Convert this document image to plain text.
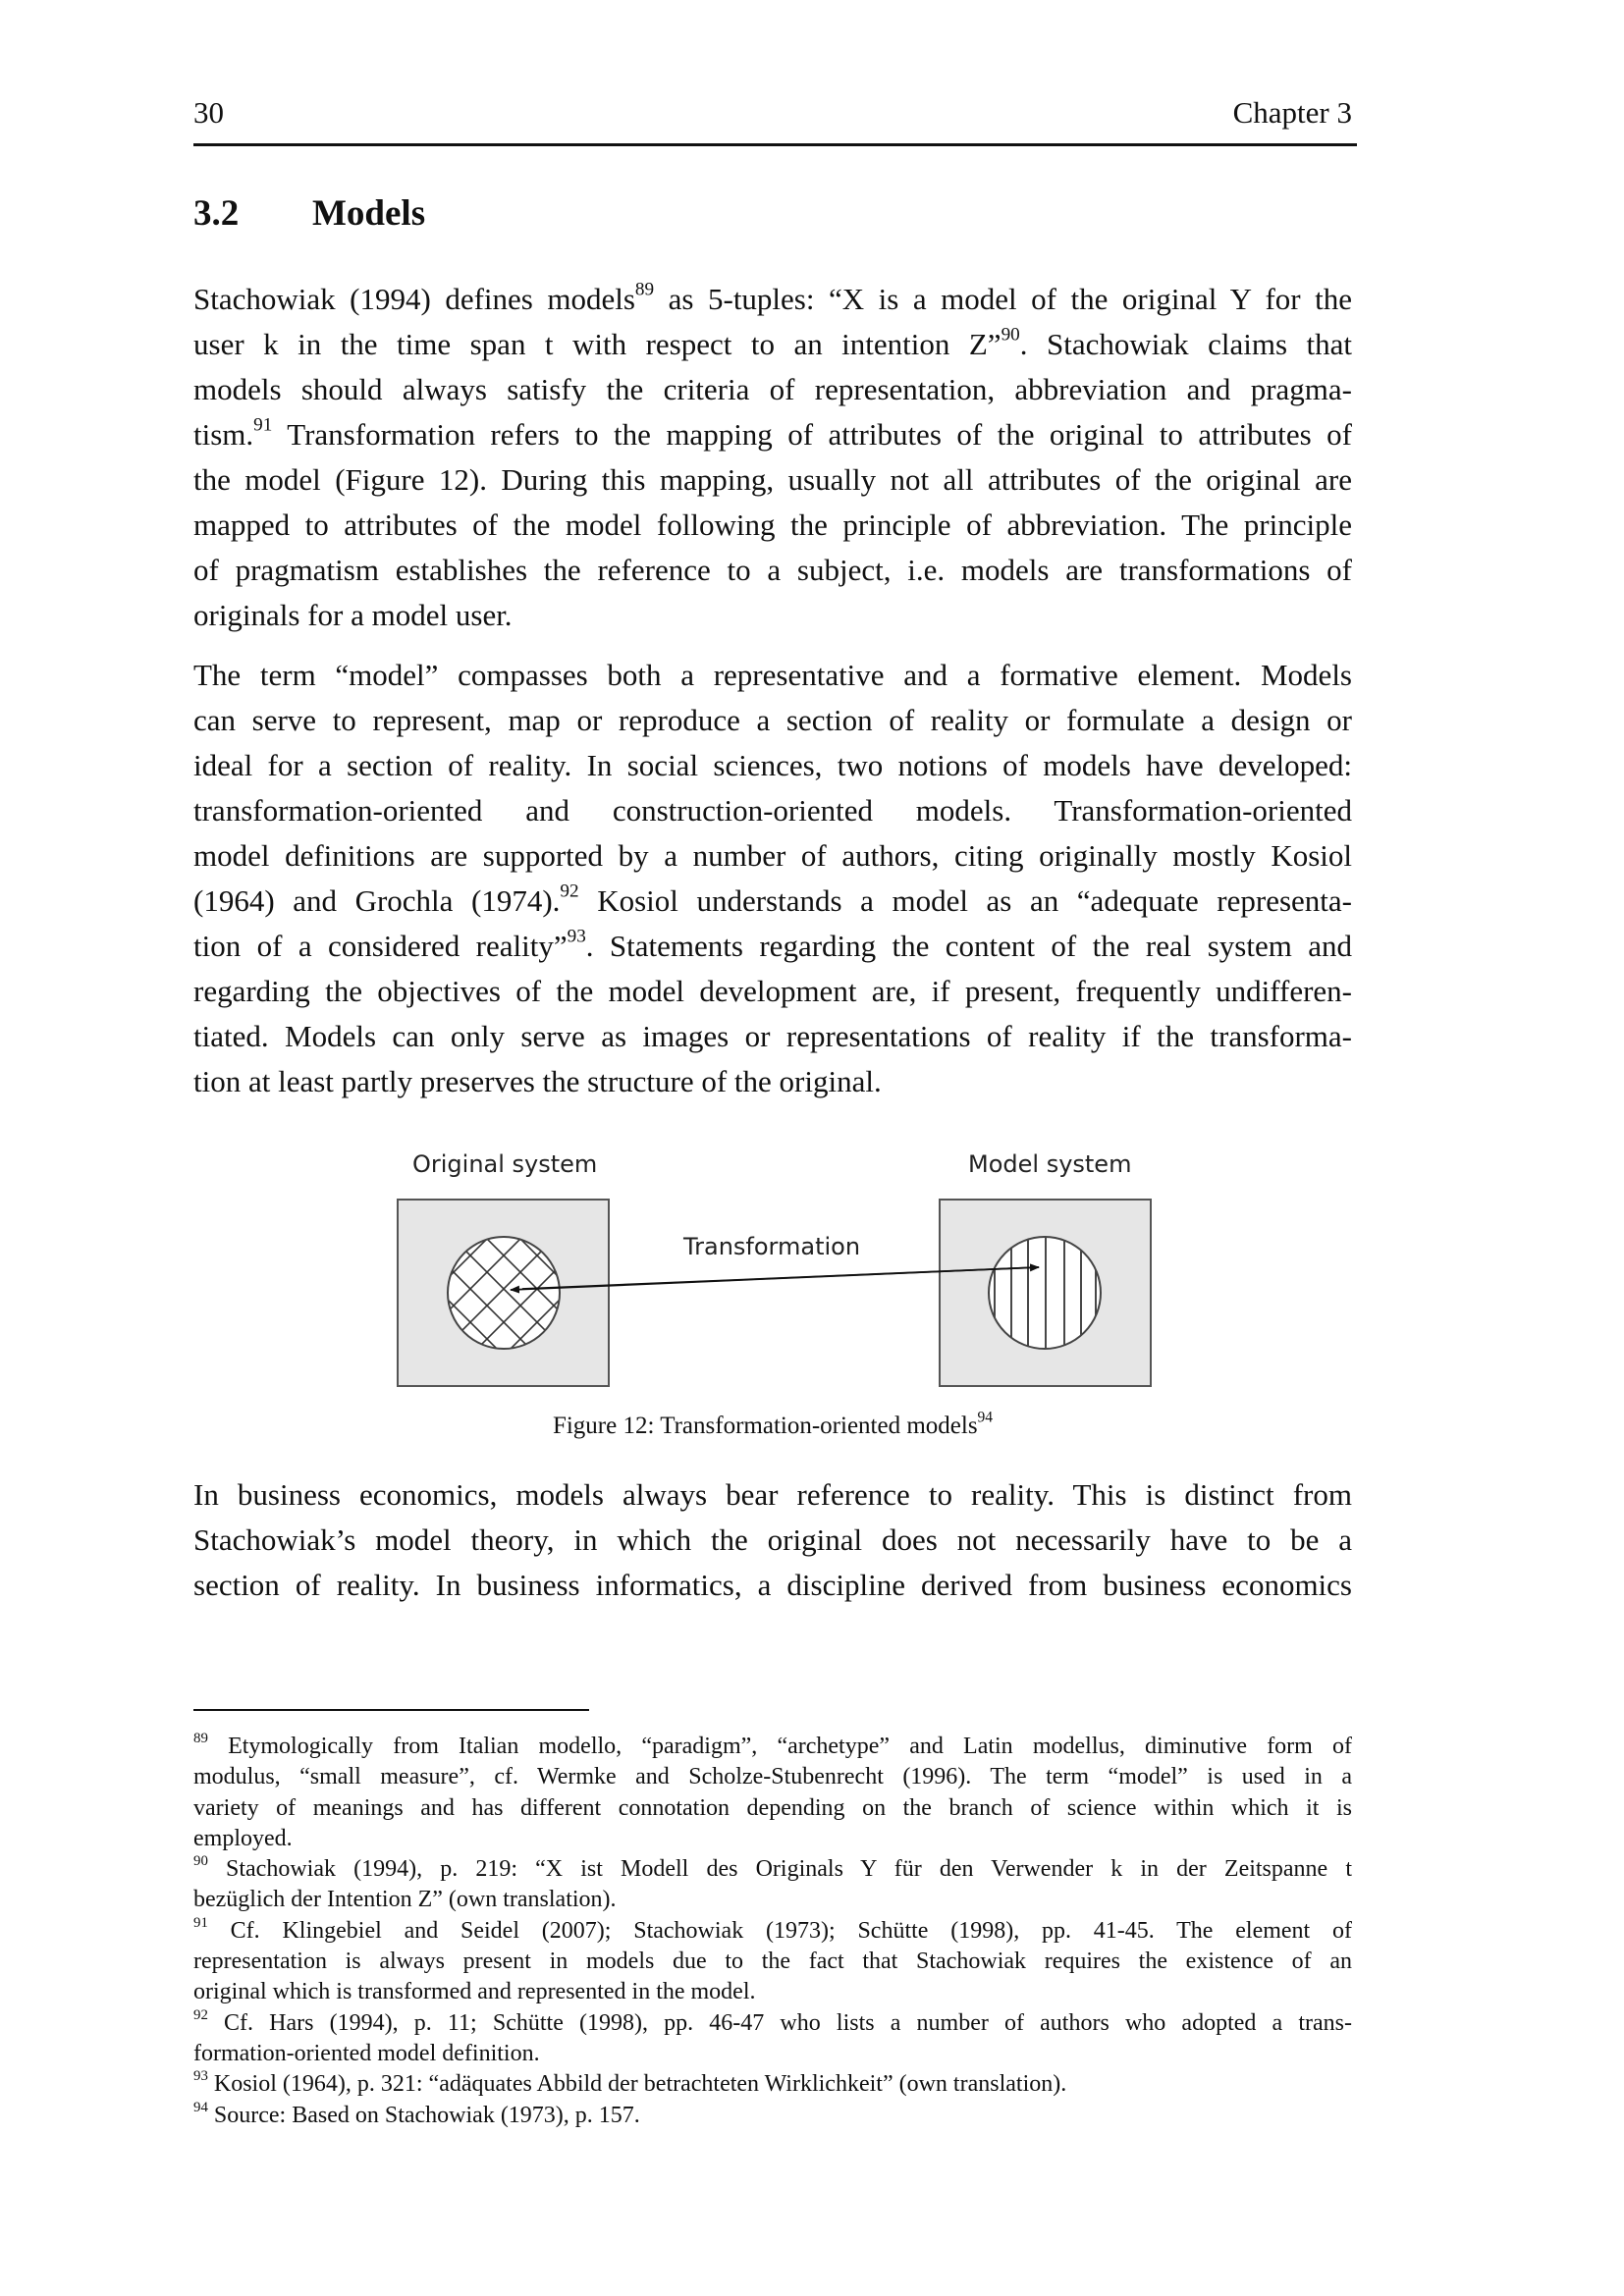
30	Chapter 3
3.2 Models
Stachowiak (1994) defines models$^{89}$ as 5-tuples: “X is a model of the original Y for the
user k in the time span t with respect to an intention Z”$^{90}$. Stachowiak claims that
models should always satisfy the criteria of representation, abbreviation and pragma-
tism.$^{91}$ Transformation refers to the mapping of attributes of the original to attributes of
the model (Figure 12). During this mapping, usually not all attributes of the original are
mapped to attributes of the model following the principle of abbreviation. The principle
of pragmatism establishes the reference to a subject, i.e. models are transformations of
originals for a model user.
The term “model” compasses both a representative and a formative element. Models
can serve to represent, map or reproduce a section of reality or formulate a design or
ideal for a section of reality. In social sciences, two notions of models have developed:
transformation-oriented and construction-oriented models. Transformation-oriented
model definitions are supported by a number of authors, citing originally mostly Kosiol
(1964) and Grochla (1974).$^{92}$ Kosiol understands a model as an “adequate representa-
tion of a considered reality”$^{93}$. Statements regarding the content of the real system and
regarding the objectives of the model development are, if present, frequently undifferen-
tiated. Models can only serve as images or representations of reality if the transforma-
tion at least partly preserves the structure of the original.
Original system	Model system
Transformation
Figure 12: Transformation-oriented models$^{94}$
In business economics, models always bear reference to reality. This is distinct from
Stachowiak’s model theory, in which the original does not necessarily have to be a
section of reality. In business informatics, a discipline derived from business economics
$^{89}$ Etymologically from Italian modello, “paradigm”, “archetype” and Latin modellus, diminutive form of
modulus, “small measure”, cf. Wermke and Scholze-Stubenrecht (1996). The term “model” is used in a
variety of meanings and has different connotation depending on the branch of science within which it is
employed.
$^{90}$ Stachowiak (1994), p. 219: “X ist Modell des Originals Y für den Verwender k in der Zeitspanne t
bezüglich der Intention Z” (own translation).
$^{91}$ Cf. Klingebiel and Seidel (2007); Stachowiak (1973); Schütte (1998), pp. 41-45. The element of
representation is always present in models due to the fact that Stachowiak requires the existence of an
original which is transformed and represented in the model.
$^{92}$ Cf. Hars (1994), p. 11; Schütte (1998), pp. 46-47 who lists a number of authors who adopted a trans-
formation-oriented model definition.
$^{93}$ Kosiol (1964), p. 321: “adäquates Abbild der betrachteten Wirklichkeit” (own translation).
$^{94}$ Source: Based on Stachowiak (1973), p. 157.
